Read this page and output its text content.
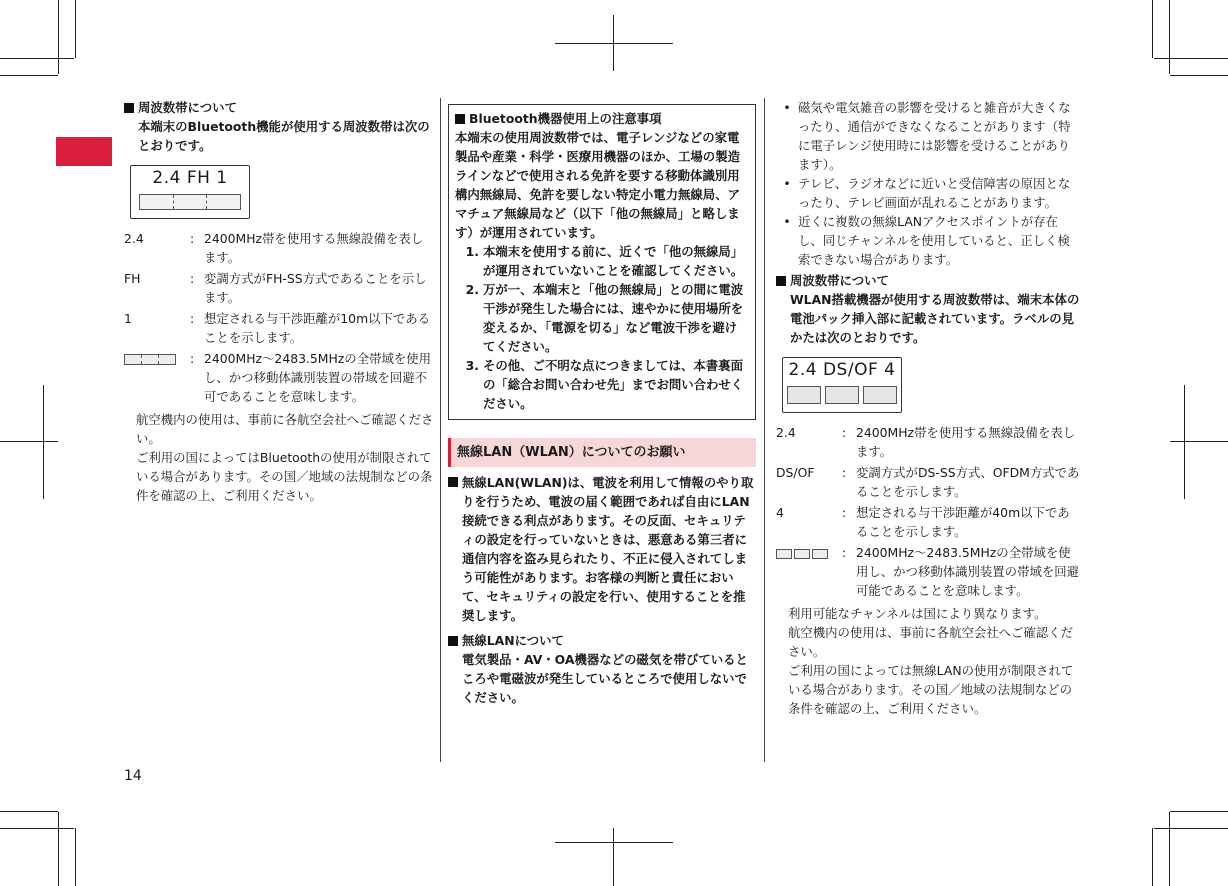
周波数帯について
本端末のBluetooth機能が使用する周波数帯は次のとおりです。
2.4 FH 1
2.4	: 2400MHz帯を使用する無線設備を表します。
FH	: 変調方式がFH-SS方式であることを示します。
1	: 想定される与干渉距離が10m以下であることを示します。
: 2400MHz～2483.5MHzの全帯域を使用し、かつ移動体識別装置の帯域を回避不可であることを意味します。
航空機内の使用は、事前に各航空会社へご確認ください。
ご利用の国によってはBluetoothの使用が制限されている場合があります。その国／地域の法規制などの条件を確認の上、ご利用ください。
Bluetooth機器使用上の注意事項
本端末の使用周波数帯では、電子レンジなどの家電製品や産業・科学・医療用機器のほか、工場の製造ラインなどで使用される免許を要する移動体識別用構内無線局、免許を要しない特定小電力無線局、アマチュア無線局など（以下「他の無線局」と略します）が運用されています。
1. 本端末を使用する前に、近くで「他の無線局」が運用されていないことを確認してください。
2. 万が一、本端末と「他の無線局」との間に電波干渉が発生した場合には、速やかに使用場所を変えるか、「電源を切る」など電波干渉を避けてください。
3. その他、ご不明な点につきましては、本書裏面の「総合お問い合わせ先」までお問い合わせください。
無線LAN（WLAN）についてのお願い
無線LAN(WLAN)は、電波を利用して情報のやり取りを行うため、電波の届く範囲であれば自由にLAN接続できる利点があります。その反面、セキュリティの設定を行っていないときは、悪意ある第三者に通信内容を盗み見られたり、不正に侵入されてしまう可能性があります。お客様の判断と責任において、セキュリティの設定を行い、使用することを推奨します。
無線LANについて
電気製品・AV・OA機器などの磁気を帯びているところや電磁波が発生しているところで使用しないでください。
• 磁気や電気雑音の影響を受けると雑音が大きくなったり、通信ができなくなることがあります（特に電子レンジ使用時には影響を受けることがあります）。
• テレビ、ラジオなどに近いと受信障害の原因となったり、テレビ画面が乱れることがあります。
• 近くに複数の無線LANアクセスポイントが存在し、同じチャンネルを使用していると、正しく検索できない場合があります。
周波数帯について
WLAN搭載機器が使用する周波数帯は、端末本体の電池パック挿入部に記載されています。ラベルの見かたは次のとおりです。
2.4 DS/OF 4
2.4	: 2400MHz帯を使用する無線設備を表します。
DS/OF	: 変調方式がDS-SS方式、OFDM方式であることを示します。
4	: 想定される与干渉距離が40m以下であることを示します。
: 2400MHz～2483.5MHzの全帯域を使用し、かつ移動体識別装置の帯域を回避可能であることを意味します。
利用可能なチャンネルは国により異なります。
航空機内の使用は、事前に各航空会社へご確認ください。
ご利用の国によっては無線LANの使用が制限されている場合があります。その国／地域の法規制などの条件を確認の上、ご利用ください。
14
